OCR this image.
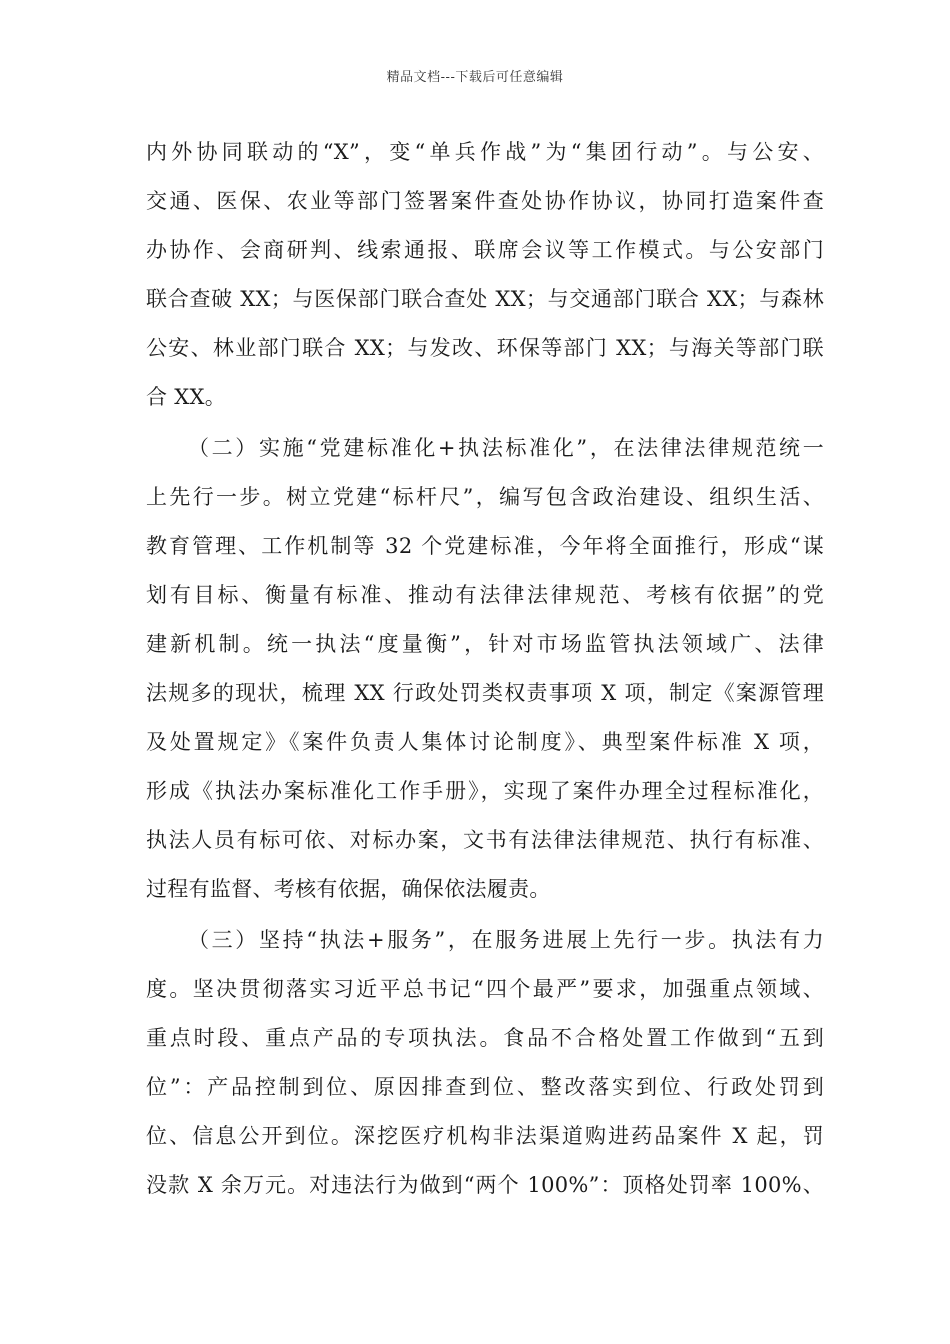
精品文档---下载后可任意编辑
内外协同联动的“X”，变“单兵作战”为“集团行动”。与公安、
交通、医保、农业等部门签署案件查处协作协议，协同打造案件查
办协作、会商研判、线索通报、联席会议等工作模式。与公安部门
联合查破 XX；与医保部门联合查处 XX；与交通部门联合 XX；与森林
公安、林业部门联合 XX；与发改、环保等部门 XX；与海关等部门联
合 XX。
（二）实施“党建标准化+执法标准化”，在法律法律规范统一
上先行一步。树立党建“标杆尺”，编写包含政治建设、组织生活、
教育管理、工作机制等 32 个党建标准，今年将全面推行，形成“谋
划有目标、衡量有标准、推动有法律法律规范、考核有依据”的党
建新机制。统一执法“度量衡”，针对市场监管执法领域广、法律
法规多的现状，梳理 XX 行政处罚类权责事项 X 项，制定《案源管理
及处置规定》《案件负责人集体讨论制度》、典型案件标准 X 项，
形成《执法办案标准化工作手册》，实现了案件办理全过程标准化，
执法人员有标可依、对标办案，文书有法律法律规范、执行有标准、
过程有监督、考核有依据，确保依法履责。
（三）坚持“执法+服务”，在服务进展上先行一步。执法有力
度。坚决贯彻落实习近平总书记“四个最严”要求，加强重点领域、
重点时段、重点产品的专项执法。食品不合格处置工作做到“五到
位”：产品控制到位、原因排查到位、整改落实到位、行政处罚到
位、信息公开到位。深挖医疗机构非法渠道购进药品案件 X 起，罚
没款 X 余万元。对违法行为做到“两个 100%”：顶格处罚率 100%、
